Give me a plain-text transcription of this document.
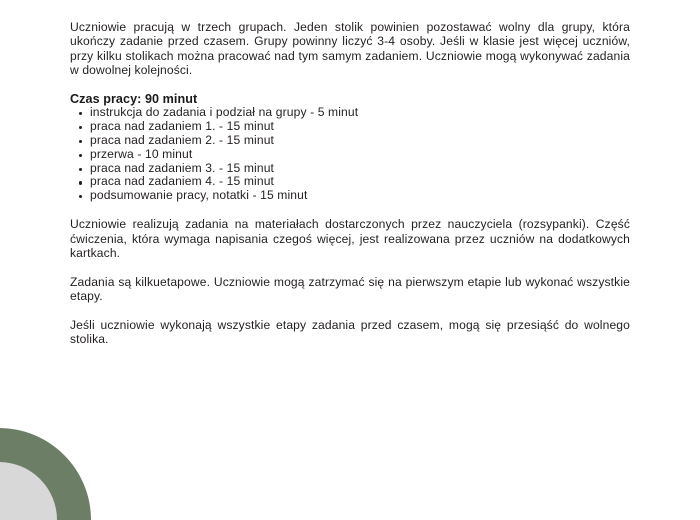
Uczniowie pracują w trzech grupach. Jeden stolik powinien pozostawać wolny dla grupy, która ukończy zadanie przed czasem. Grupy powinny liczyć 3-4 osoby. Jeśli w klasie jest więcej uczniów, przy kilku stolikach można pracować nad tym samym zadaniem. Uczniowie mogą wykonywać zadania w dowolnej kolejności.

Czas pracy: 90 minut
instrukcja do zadania i podział na grupy - 5 minut
praca nad zadaniem 1. - 15 minut
praca nad zadaniem 2. - 15 minut
przerwa - 10 minut
praca nad zadaniem 3. - 15 minut
praca nad zadaniem 4. - 15 minut
podsumowanie pracy, notatki - 15 minut

Uczniowie realizują zadania na materiałach dostarczonych przez nauczyciela (rozsypanki). Część ćwiczenia, która wymaga napisania czegoś więcej, jest realizowana przez uczniów na dodatkowych kartkach.

Zadania są kilkuetapowe. Uczniowie mogą zatrzymać się na pierwszym etapie lub wykonać wszystkie etapy.

Jeśli uczniowie wykonają wszystkie etapy zadania przed czasem, mogą się przesiąść do wolnego stolika.
